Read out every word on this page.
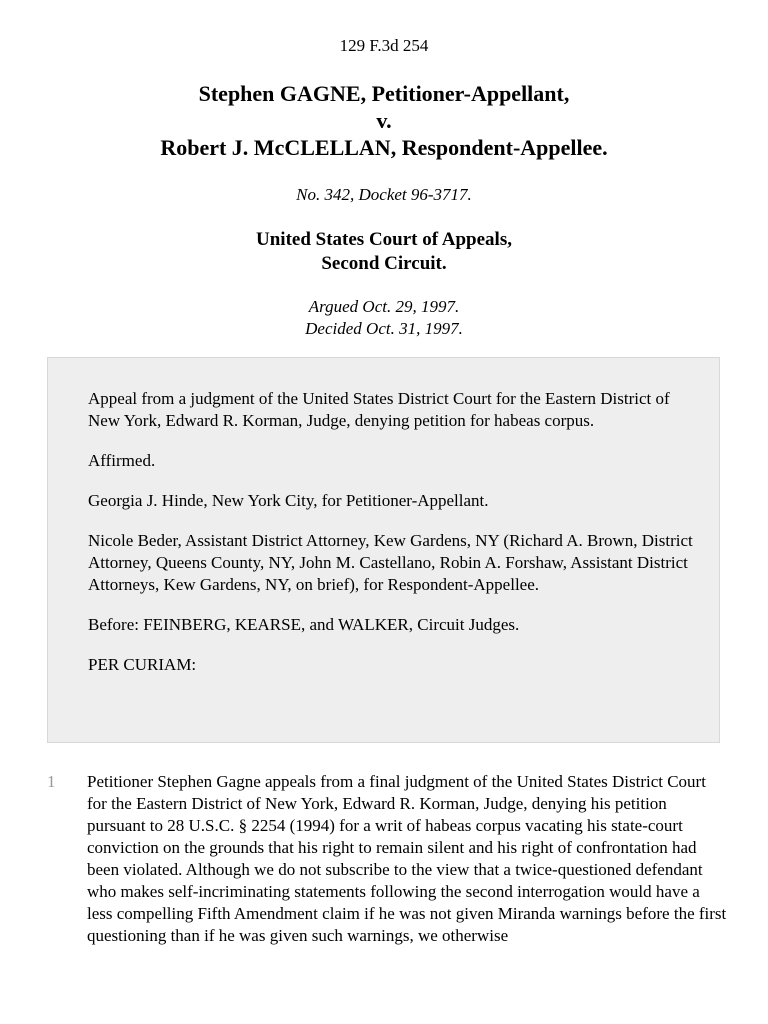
129 F.3d 254
Stephen GAGNE, Petitioner-Appellant,
v.
Robert J. McCLELLAN, Respondent-Appellee.
No. 342, Docket 96-3717.
United States Court of Appeals,
Second Circuit.
Argued Oct. 29, 1997.
Decided Oct. 31, 1997.

Appeal from a judgment of the United States District Court for the Eastern District of New York, Edward R. Korman, Judge, denying petition for habeas corpus.

Affirmed.

Georgia J. Hinde, New York City, for Petitioner-Appellant.

Nicole Beder, Assistant District Attorney, Kew Gardens, NY (Richard A. Brown, District Attorney, Queens County, NY, John M. Castellano, Robin A. Forshaw, Assistant District Attorneys, Kew Gardens, NY, on brief), for Respondent-Appellee.

Before: FEINBERG, KEARSE, and WALKER, Circuit Judges.

PER CURIAM:

1 Petitioner Stephen Gagne appeals from a final judgment of the United States District Court for the Eastern District of New York, Edward R. Korman, Judge, denying his petition pursuant to 28 U.S.C. § 2254 (1994) for a writ of habeas corpus vacating his state-court conviction on the grounds that his right to remain silent and his right of confrontation had been violated. Although we do not subscribe to the view that a twice-questioned defendant who makes self-incriminating statements following the second interrogation would have a less compelling Fifth Amendment claim if he was not given Miranda warnings before the first questioning than if he was given such warnings, we otherwise
